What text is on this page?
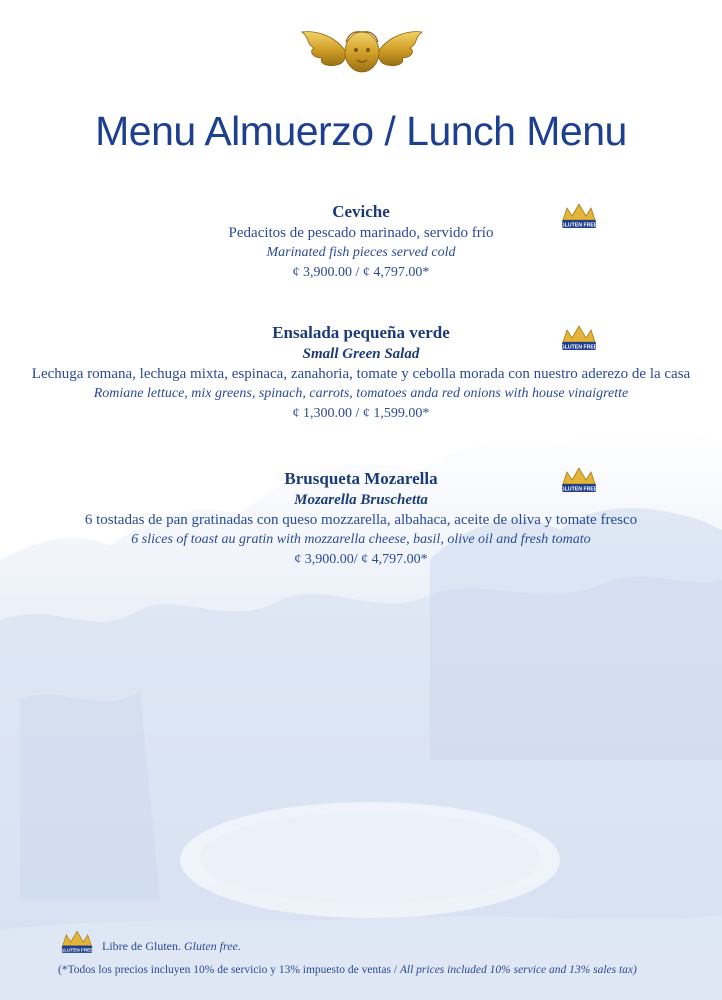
Menu Almuerzo / Lunch Menu
Ceviche
Pedacitos de pescado marinado, servido frío
Marinated fish pieces served cold
¢ 3,900.00 / ¢ 4,797.00*
GLUTEN FREE
Ensalada pequeña verde
Small Green Salad
Lechuga romana, lechuga mixta, espinaca, zanahoria, tomate y cebolla morada con nuestro aderezo de la casa
Romiane lettuce, mix greens, spinach, carrots, tomatoes anda red onions with house vinaigrette
¢ 1,300.00 / ¢ 1,599.00*
GLUTEN FREE
Brusqueta Mozarella
Mozarella Bruschetta
6 tostadas de pan gratinadas con queso mozzarella, albahaca, aceite de oliva y tomate fresco
6 slices of toast au gratin with mozzarella cheese, basil, olive oil and fresh tomato
¢ 3,900.00/ ¢ 4,797.00*
GLUTEN FREE
GLUTEN FREE Libre de Gluten. Gluten free.
(*Todos los precios incluyen 10% de servicio y 13% impuesto de ventas / All prices included 10% service and 13% sales tax)
